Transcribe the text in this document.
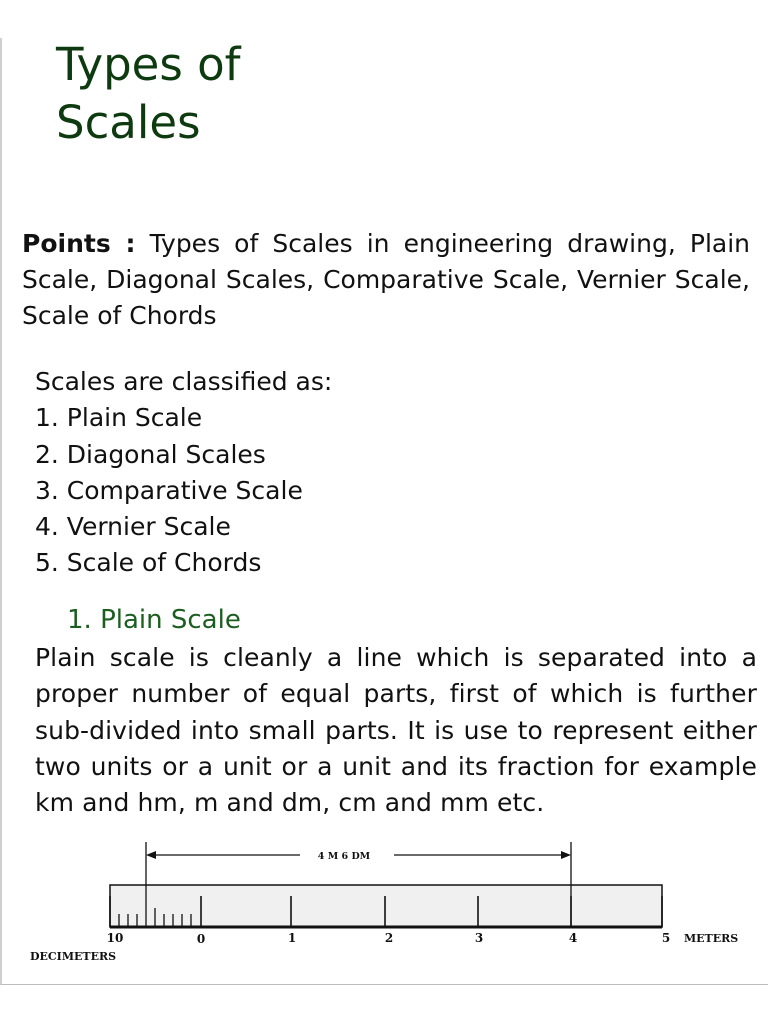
Types of Scales

Points : Types of Scales in engineering drawing, Plain Scale, Diagonal Scales, Comparative Scale, Vernier Scale, Scale of Chords

Scales are classified as:
1. Plain Scale
2. Diagonal Scales
3. Comparative Scale
4. Vernier Scale
5. Scale of Chords
1. Plain Scale

Plain scale is cleanly a line which is separated into a proper number of equal parts, first of which is further sub-divided into small parts. It is use to represent either two units or a unit or a unit and its fraction for example km and hm, m and dm, cm and mm etc.

4 M 6 DM
10	0	1	2	3	4	5 METERS
DECIMETERS
